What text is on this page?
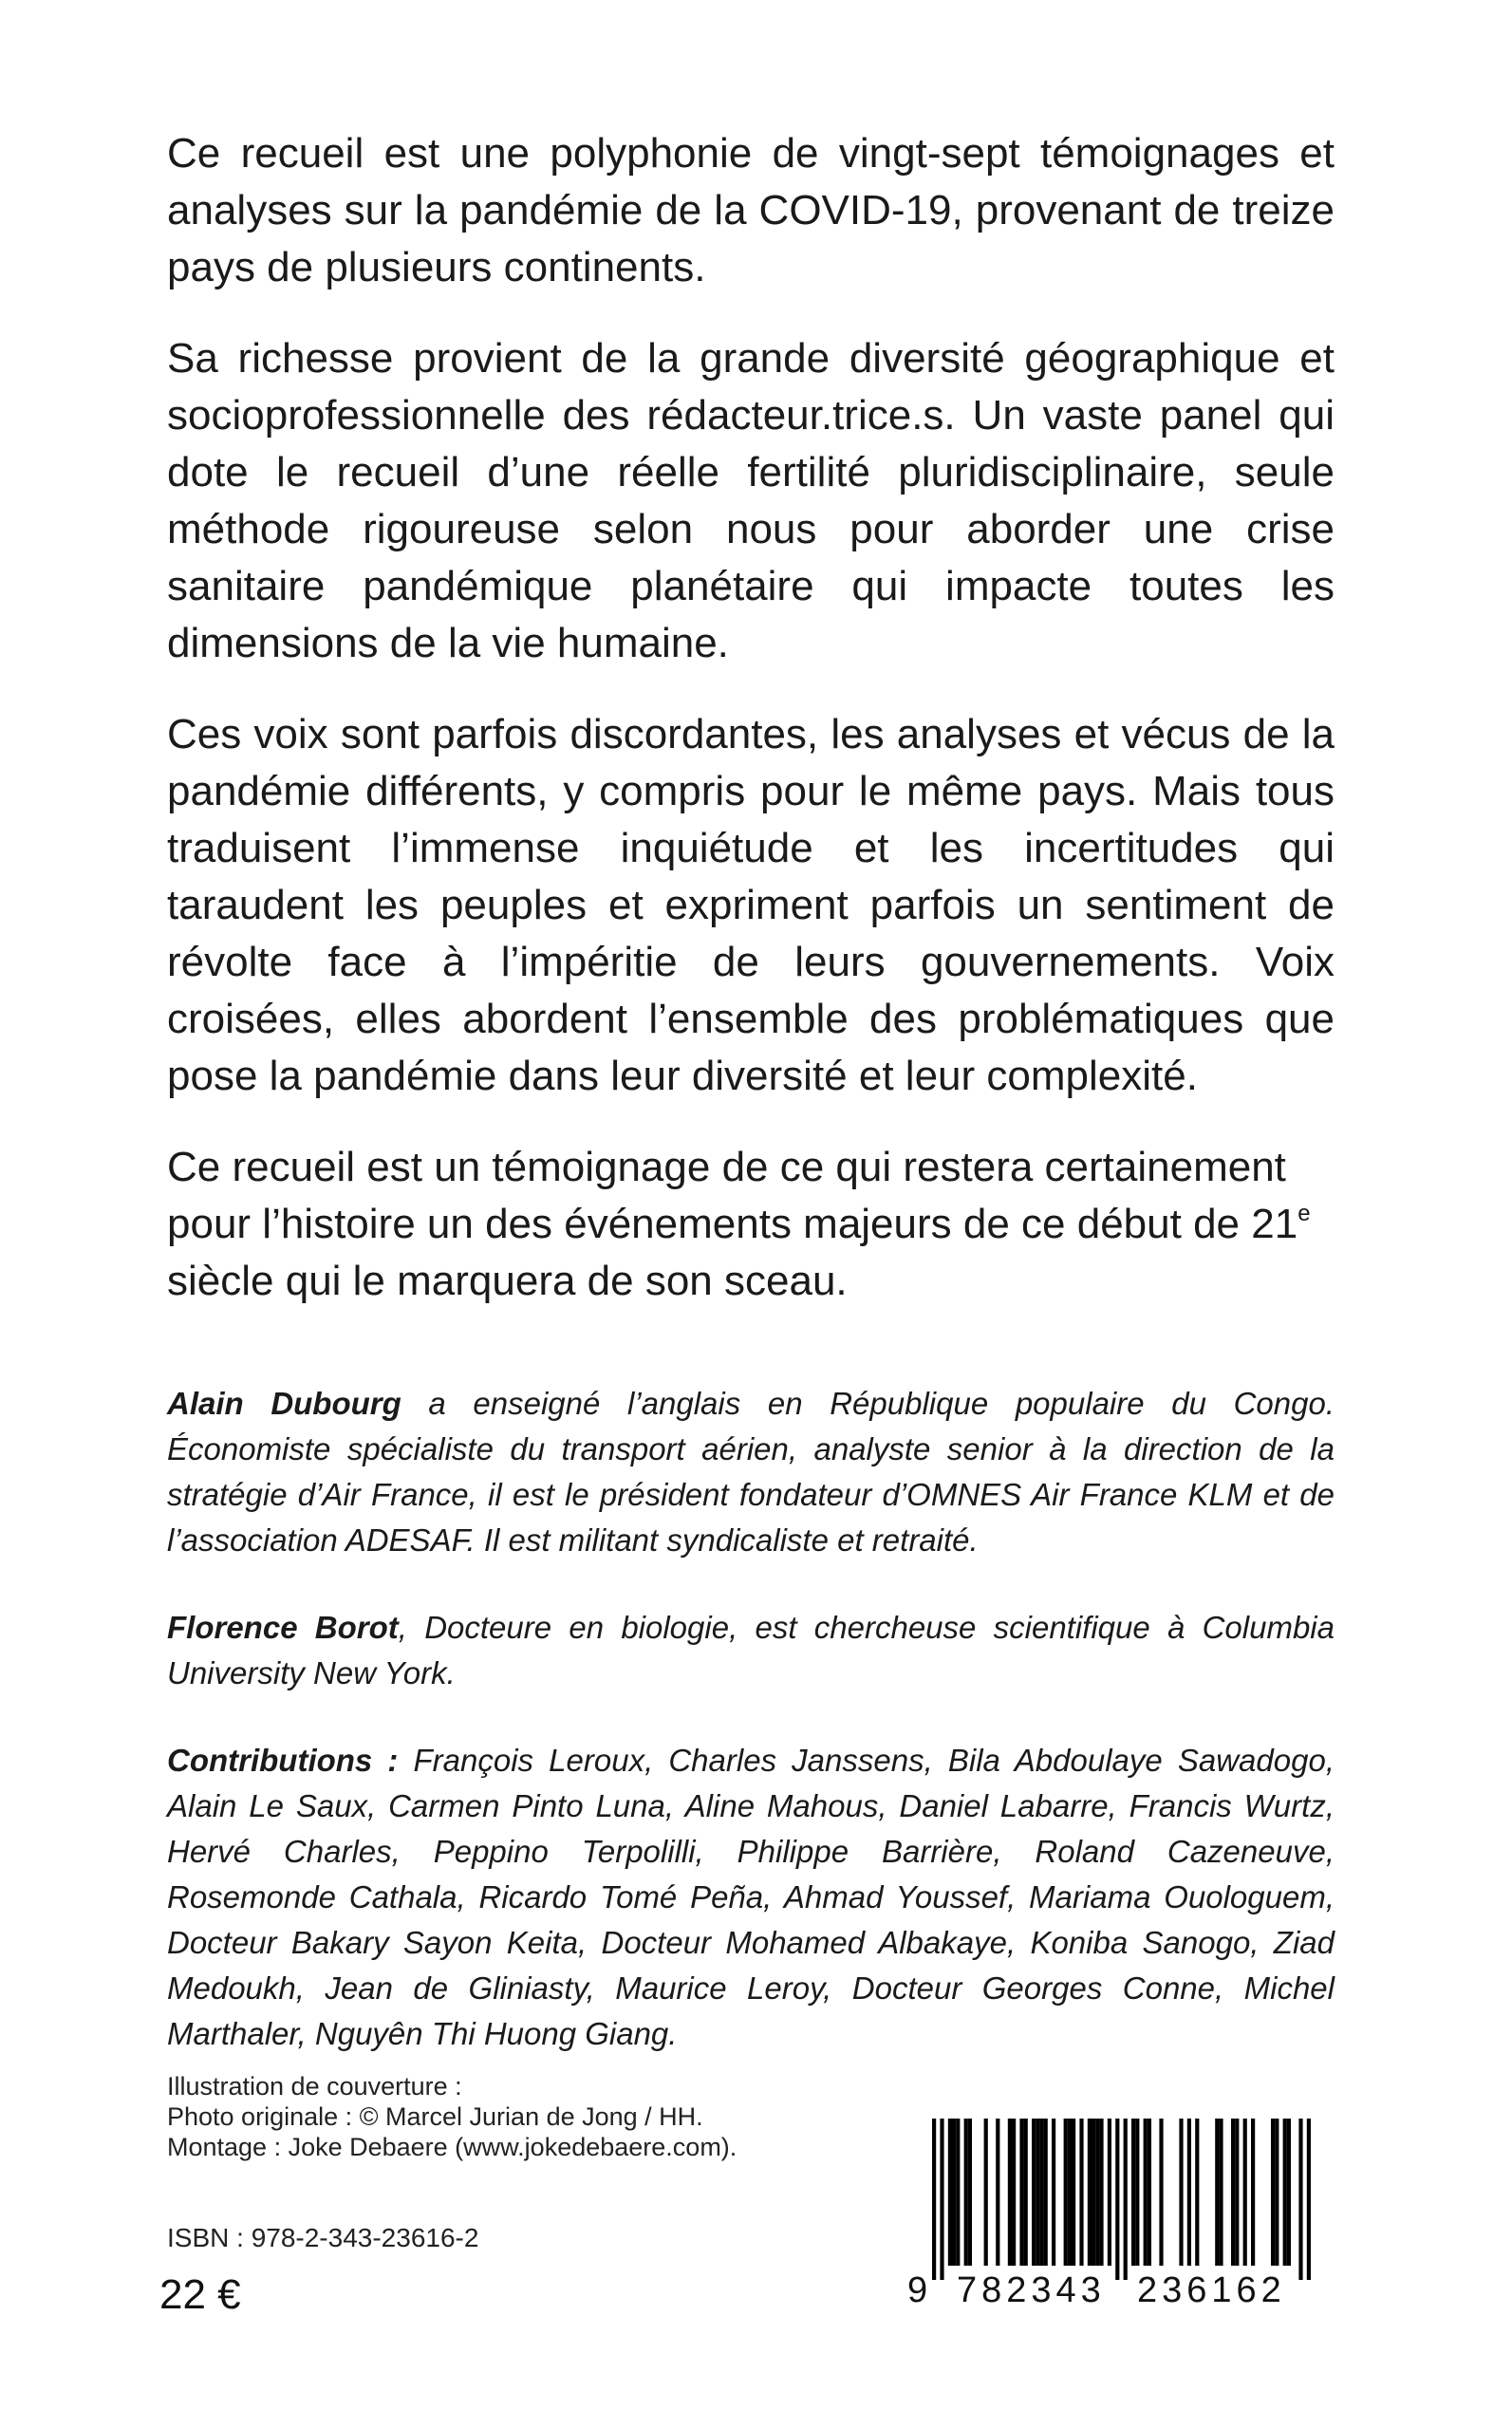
Ce recueil est une polyphonie de vingt-sept témoignages et analyses sur la pandémie de la COVID-19, provenant de treize pays de plusieurs continents.

Sa richesse provient de la grande diversité géographique et socioprofessionnelle des rédacteur.trice.s. Un vaste panel qui dote le recueil d’une réelle fertilité pluridisciplinaire, seule méthode rigoureuse selon nous pour aborder une crise sanitaire pandémique planétaire qui impacte toutes les dimensions de la vie humaine.

Ces voix sont parfois discordantes, les analyses et vécus de la pandémie différents, y compris pour le même pays. Mais tous traduisent l’immense inquiétude et les incertitudes qui taraudent les peuples et expriment parfois un sentiment de révolte face à l’impéritie de leurs gouvernements. Voix croisées, elles abordent l’ensemble des problématiques que pose la pandémie dans leur diversité et leur complexité.

Ce recueil est un témoignage de ce qui restera certainement pour l’histoire un des événements majeurs de ce début de 21e siècle qui le marquera de son sceau.

Alain Dubourg a enseigné l’anglais en République populaire du Congo. Économiste spécialiste du transport aérien, analyste senior à la direction de la stratégie d’Air France, il est le président fondateur d’OMNES Air France KLM et de l’association ADESAF. Il est militant syndicaliste et retraité.

Florence Borot, Docteure en biologie, est chercheuse scientifique à Columbia University New York.

Contributions : François Leroux, Charles Janssens, Bila Abdoulaye Sawadogo, Alain Le Saux, Carmen Pinto Luna, Aline Mahous, Daniel Labarre, Francis Wurtz, Hervé Charles, Peppino Terpolilli, Philippe Barrière, Roland Cazeneuve, Rosemonde Cathala, Ricardo Tomé Peña, Ahmad Youssef, Mariama Ouologuem, Docteur Bakary Sayon Keita, Docteur Mohamed Albakaye, Koniba Sanogo, Ziad Medoukh, Jean de Gliniasty, Maurice Leroy, Docteur Georges Conne, Michel Marthaler, Nguyên Thi Huong Giang.

Illustration de couverture :
Photo originale : © Marcel Jurian de Jong / HH.
Montage : Joke Debaere (www.jokedebaere.com).
ISBN : 978-2-343-23616-2
22 €	9 782343 236162
